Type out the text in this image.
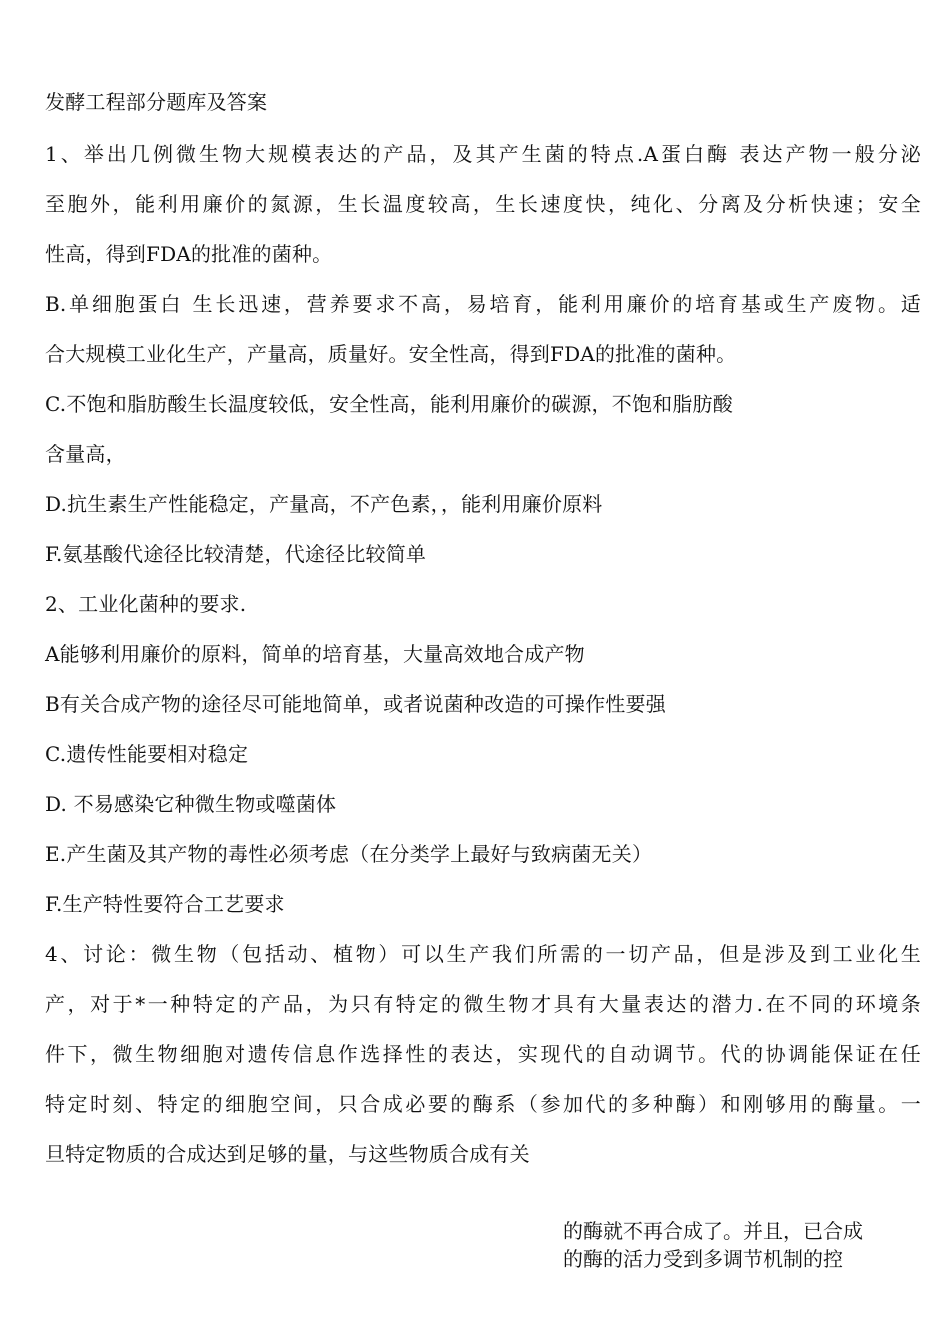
发酵工程部分题库及答案
1、举出几例微生物大规模表达的产品，及其产生菌的特点.A蛋白酶 表达产物一般分泌
至胞外，能利用廉价的氮源，生长温度较高，生长速度快，纯化、分离及分析快速；安全
性高，得到FDA的批准的菌种。
B.单细胞蛋白 生长迅速，营养要求不高，易培育，能利用廉价的培育基或生产废物。适
合大规模工业化生产，产量高，质量好。安全性高，得到FDA的批准的菌种。
C.不饱和脂肪酸生长温度较低，安全性高，能利用廉价的碳源，不饱和脂肪酸
含量高，
D.抗生素生产性能稳定，产量高，不产色素，，能利用廉价原料
F.氨基酸代途径比较清楚，代途径比较简单
2、工业化菌种的要求.
A能够利用廉价的原料，简单的培育基，大量高效地合成产物
B有关合成产物的途径尽可能地简单，或者说菌种改造的可操作性要强
C.遗传性能要相对稳定
D. 不易感染它种微生物或噬菌体
E.产生菌及其产物的毒性必须考虑（在分类学上最好与致病菌无关）
F.生产特性要符合工艺要求
4、讨论：微生物（包括动、植物）可以生产我们所需的一切产品，但是涉及到工业化生
产，对于*一种特定的产品，为只有特定的微生物才具有大量表达的潜力.在不同的环境条
件下，微生物细胞对遗传信息作选择性的表达，实现代的自动调节。代的协调能保证在任
特定时刻、特定的细胞空间，只合成必要的酶系（参加代的多种酶）和刚够用的酶量。一
旦特定物质的合成达到足够的量，与这些物质合成有关
的酶就不再合成了。并且，已合成
的酶的活力受到多调节机制的控
